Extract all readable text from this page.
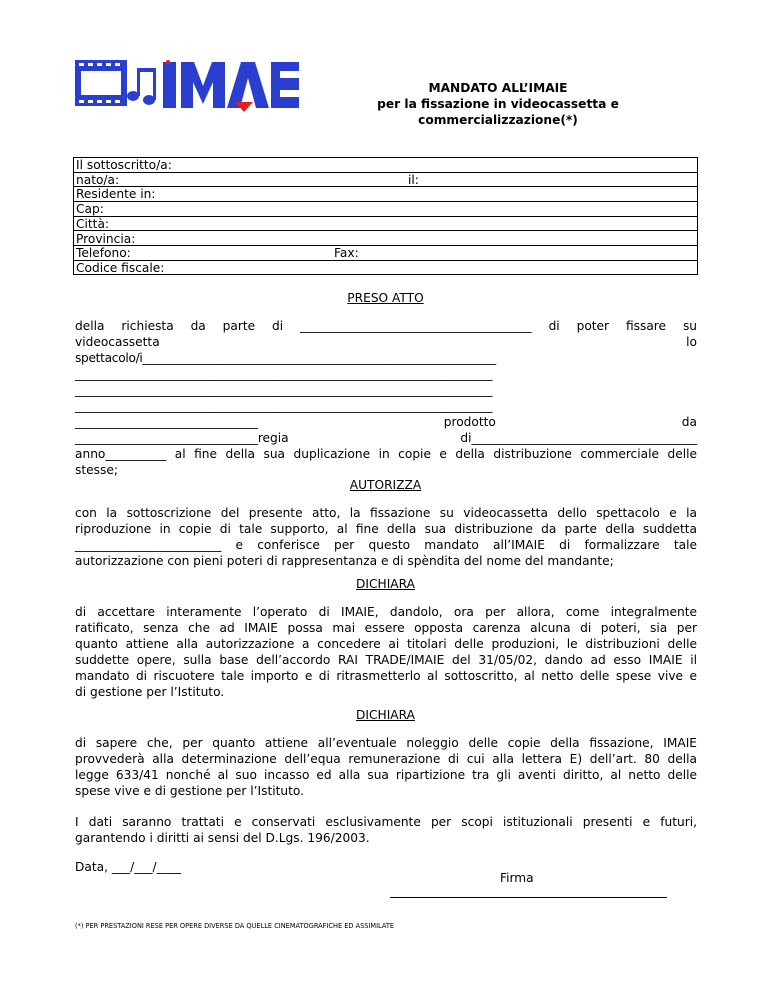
MANDATO ALL’IMAIE
per la fissazione in videocassetta e
commercializzazione(*)
Il sottoscritto/a:
nato/a:	il:
Residente in:
Cap:
Città:
Provincia:
Telefono:	Fax:
Codice fiscale:
PRESO ATTO
della richiesta da parte di ______________________________________ di poter fissare su
videocassetta	lo
spettacolo/i_____________________________________________________________
________________________________________________________________________
________________________________________________________________________
________________________________________________________________________
______________________________	prodotto	da
______________________________regia	di_____________________________________
anno__________ al fine della sua duplicazione in copie e della distribuzione commerciale delle
stesse;
AUTORIZZA
con la sottoscrizione del presente atto, la fissazione su videocassetta dello spettacolo e la
riproduzione in copie di tale supporto, al fine della sua distribuzione da parte della suddetta
________________________ e conferisce per questo mandato all’IMAIE di formalizzare tale
autorizzazione con pieni poteri di rappresentanza e di spèndita del nome del mandante;
DICHIARA
di accettare interamente l’operato di IMAIE, dandolo, ora per allora, come integralmente
ratificato, senza che ad IMAIE possa mai essere opposta carenza alcuna di poteri, sia per
quanto attiene alla autorizzazione a concedere ai titolari delle produzioni, le distribuzioni delle
suddette opere, sulla base dell’accordo RAI TRADE/IMAIE del 31/05/02, dando ad esso IMAIE il
mandato di riscuotere tale importo e di ritrasmetterlo al sottoscritto, al netto delle spese vive e
di gestione per l’Istituto.
DICHIARA
di sapere che, per quanto attiene all’eventuale noleggio delle copie della fissazione, IMAIE
provvederà alla determinazione dell’equa remunerazione di cui alla lettera E) dell’art. 80 della
legge 633/41 nonché al suo incasso ed alla sua ripartizione tra gli aventi diritto, al netto delle
spese vive e di gestione per l’Istituto.
I dati saranno trattati e conservati esclusivamente per scopi istituzionali presenti e futuri,
garantendo i diritti ai sensi del D.Lgs. 196/2003.
Data, ___/___/____
Firma
(*) PER PRESTAZIONI RESE PER OPERE DIVERSE DA QUELLE CINEMATOGRAFICHE ED ASSIMILATE
